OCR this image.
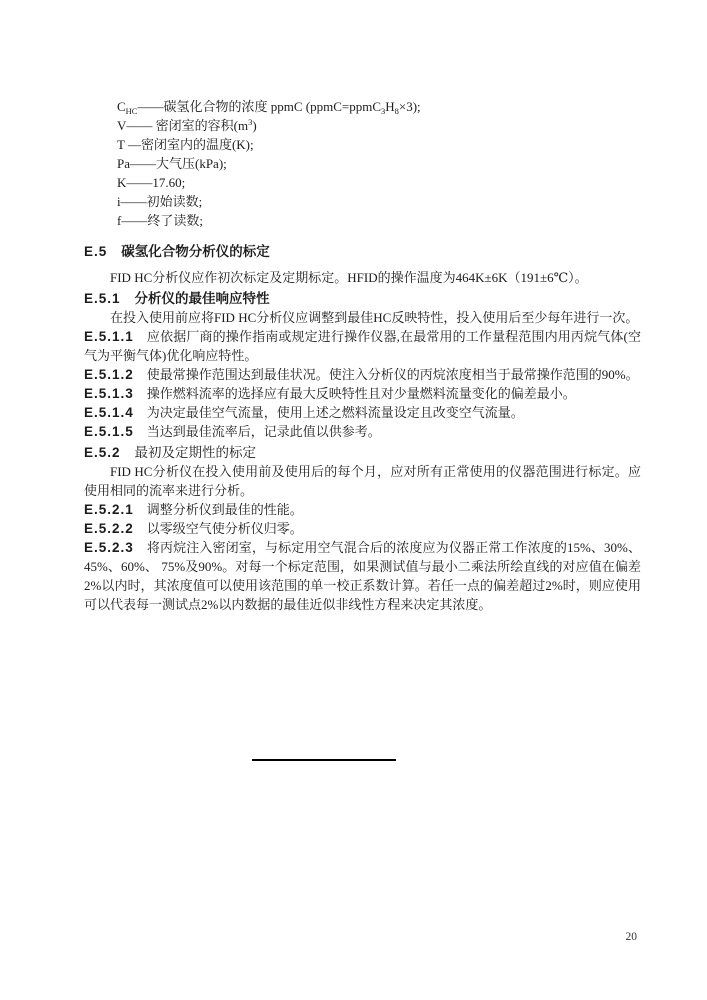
$C_{HC}——$碳氢化合物的浓度 ppmC $(ppmC=ppmC_3H_8\times 3)$;
V—— 密闭室的容积$(m^3)$
T —密闭室内的温度(K);
Pa——大气压(kPa);
K——17.60;
i——初始读数;
f——终了读数;
E.5 碳氢化合物分析仪的标定

FID HC分析仪应作初次标定及定期标定。HFID的操作温度为464K±6K（191±6℃）。

E.5.1 分析仪的最佳响应特性

在投入使用前应将FID HC分析仪应调整到最佳HC反映特性，投入使用后至少每年进行一次。

E.5.1.1 应依据厂商的操作指南或规定进行操作仪器,在最常用的工作量程范围内用丙烷气体(空气为平衡气体)优化响应特性。

E.5.1.2 使最常操作范围达到最佳状况。使注入分析仪的丙烷浓度相当于最常操作范围的90%。

E.5.1.3 操作燃料流率的选择应有最大反映特性且对少量燃料流量变化的偏差最小。

E.5.1.4 为决定最佳空气流量，使用上述之燃料流量设定且改变空气流量。

E.5.1.5 当达到最佳流率后，记录此值以供参考。

E.5.2 最初及定期性的标定

FID HC分析仪在投入使用前及使用后的每个月，应对所有正常使用的仪器范围进行标定。应使用相同的流率来进行分析。

E.5.2.1 调整分析仪到最佳的性能。

E.5.2.2 以零级空气使分析仪归零。

E.5.2.3 将丙烷注入密闭室，与标定用空气混合后的浓度应为仪器正常工作浓度的15%、30%、45%、60%、 75%及90%。对每一个标定范围，如果测试值与最小二乘法所绘直线的对应值在偏差2%以内时，其浓度值可以使用该范围的单一校正系数计算。若任一点的偏差超过2%时，则应使用可以代表每一测试点2%以内数据的最佳近似非线性方程来决定其浓度。

20
